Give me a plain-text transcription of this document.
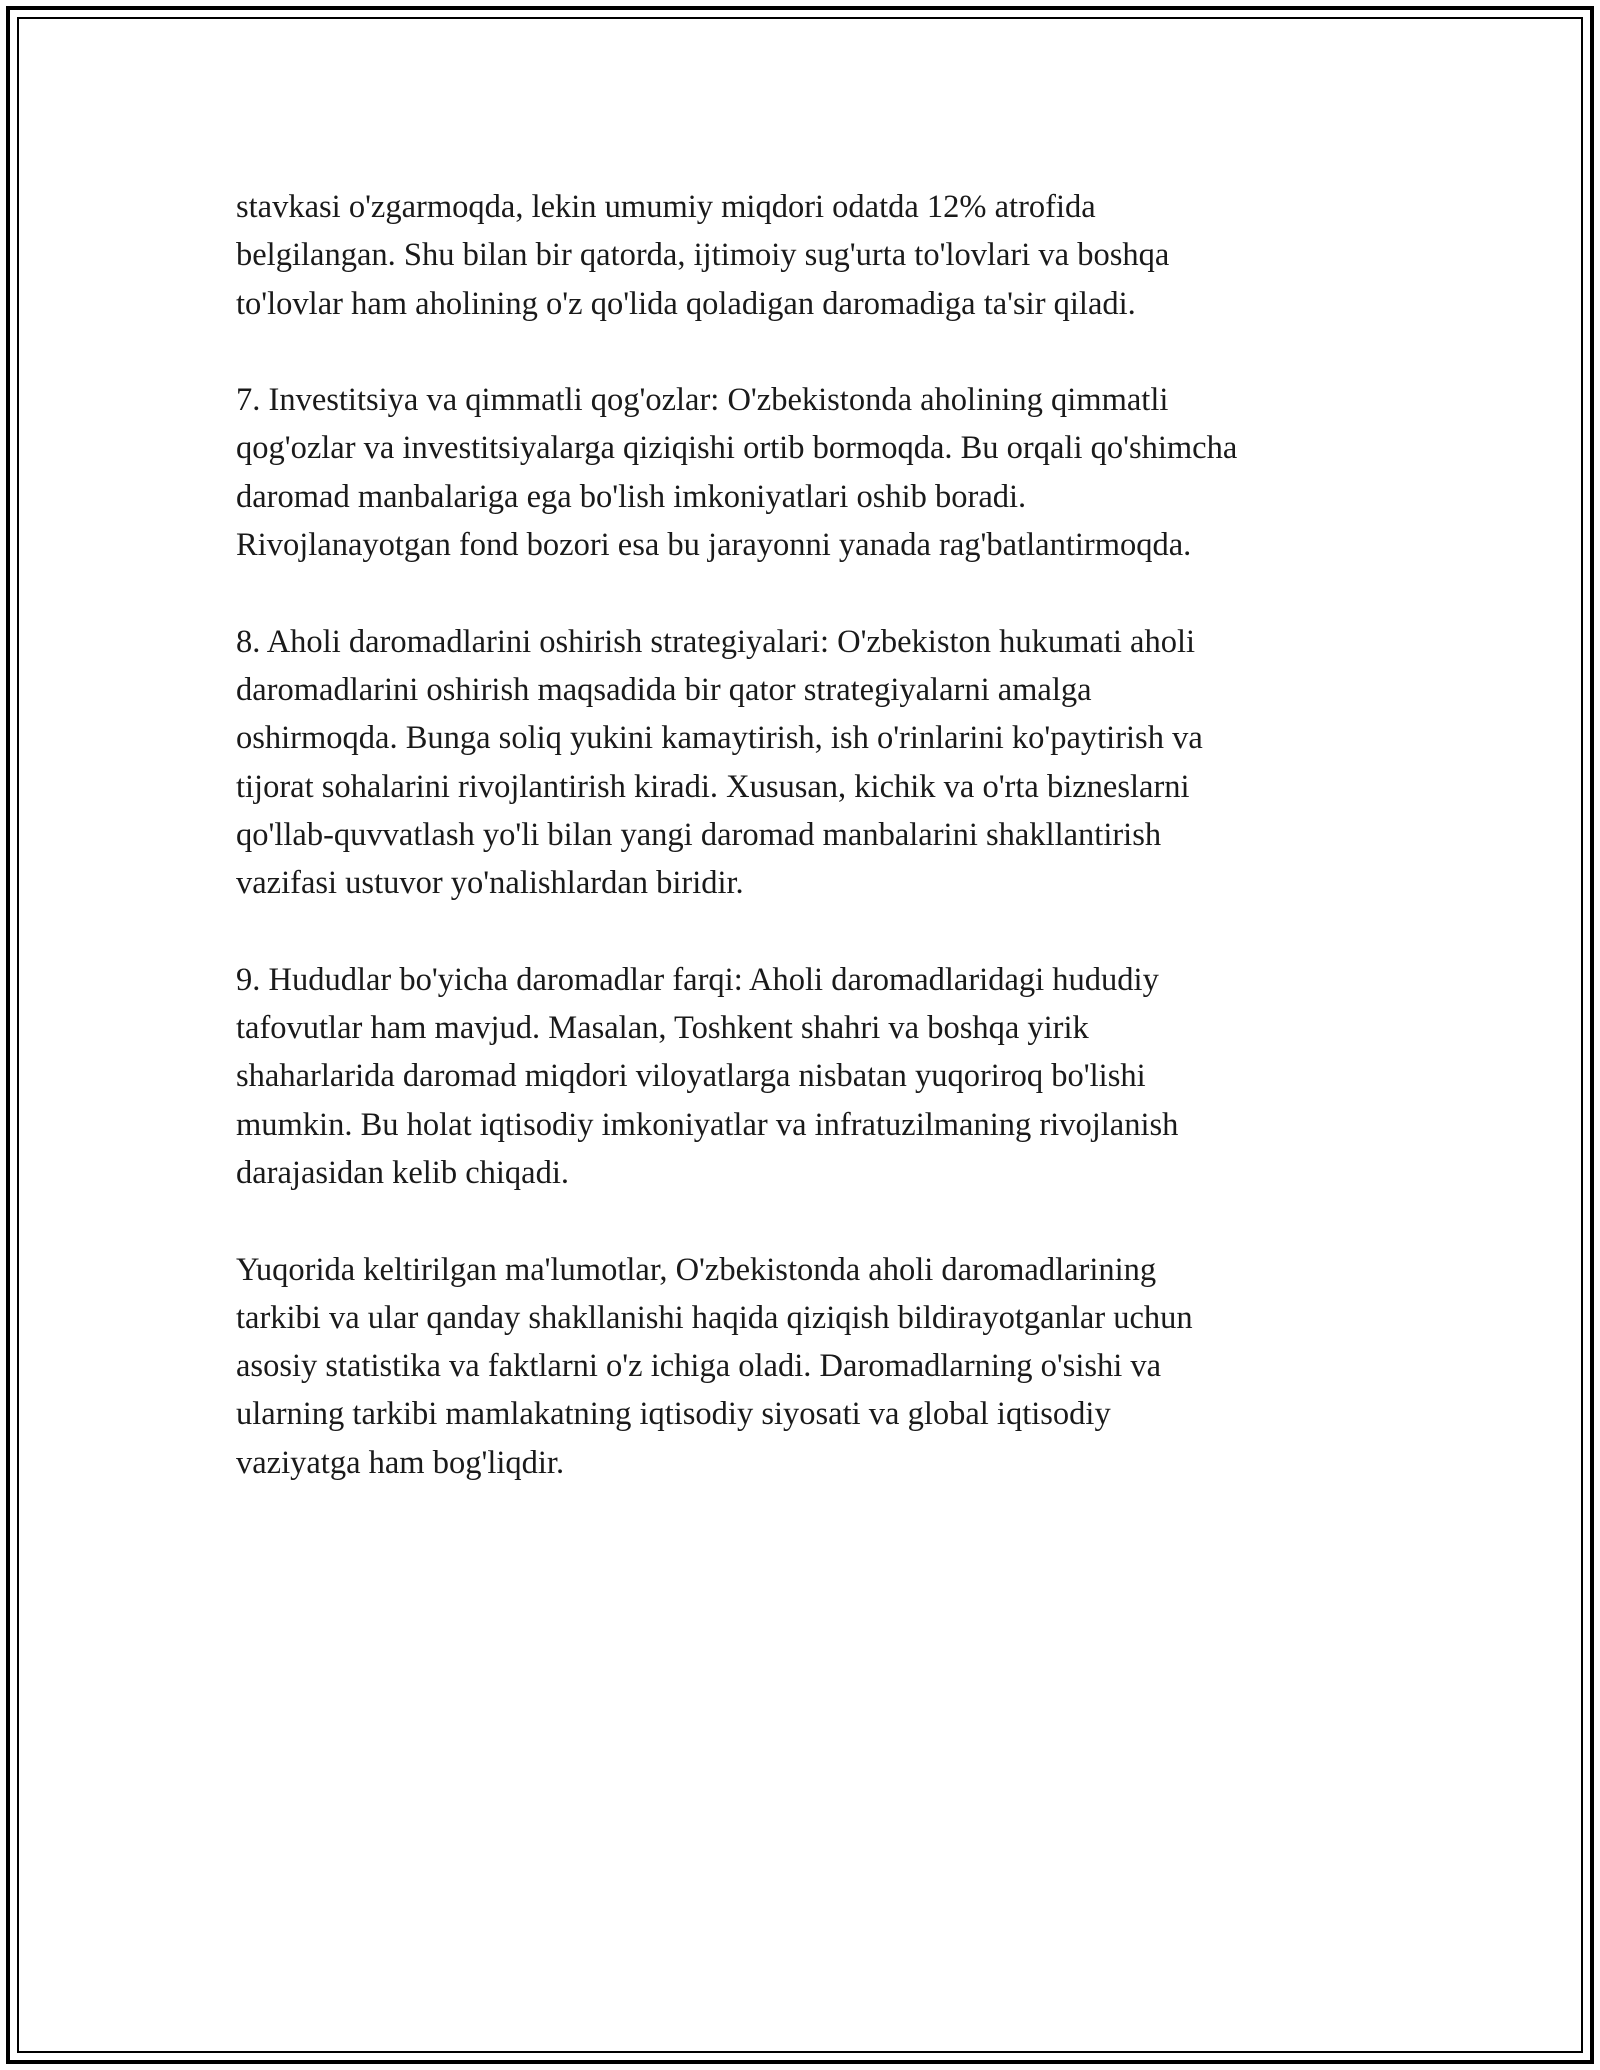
stavkasi o'zgarmoqda, lekin umumiy miqdori odatda 12% atrofida
belgilangan. Shu bilan bir qatorda, ijtimoiy sug'urta to'lovlari va boshqa
to'lovlar ham aholining o'z qo'lida qoladigan daromadiga ta'sir qiladi.

7. Investitsiya va qimmatli qog'ozlar: O'zbekistonda aholining qimmatli
qog'ozlar va investitsiyalarga qiziqishi ortib bormoqda. Bu orqali qo'shimcha
daromad manbalariga ega bo'lish imkoniyatlari oshib boradi.
Rivojlanayotgan fond bozori esa bu jarayonni yanada rag'batlantirmoqda.

8. Aholi daromadlarini oshirish strategiyalari: O'zbekiston hukumati aholi
daromadlarini oshirish maqsadida bir qator strategiyalarni amalga
oshirmoqda. Bunga soliq yukini kamaytirish, ish o'rinlarini ko'paytirish va
tijorat sohalarini rivojlantirish kiradi. Xususan, kichik va o'rta bizneslarni
qo'llab-quvvatlash yo'li bilan yangi daromad manbalarini shakllantirish
vazifasi ustuvor yo'nalishlardan biridir.

9. Hududlar bo'yicha daromadlar farqi: Aholi daromadlaridagi hududiy
tafovutlar ham mavjud. Masalan, Toshkent shahri va boshqa yirik
shaharlarida daromad miqdori viloyatlarga nisbatan yuqoriroq bo'lishi
mumkin. Bu holat iqtisodiy imkoniyatlar va infratuzilmaning rivojlanish
darajasidan kelib chiqadi.

Yuqorida keltirilgan ma'lumotlar, O'zbekistonda aholi daromadlarining
tarkibi va ular qanday shakllanishi haqida qiziqish bildirayotganlar uchun
asosiy statistika va faktlarni o'z ichiga oladi. Daromadlarning o'sishi va
ularning tarkibi mamlakatning iqtisodiy siyosati va global iqtisodiy
vaziyatga ham bog'liqdir.
